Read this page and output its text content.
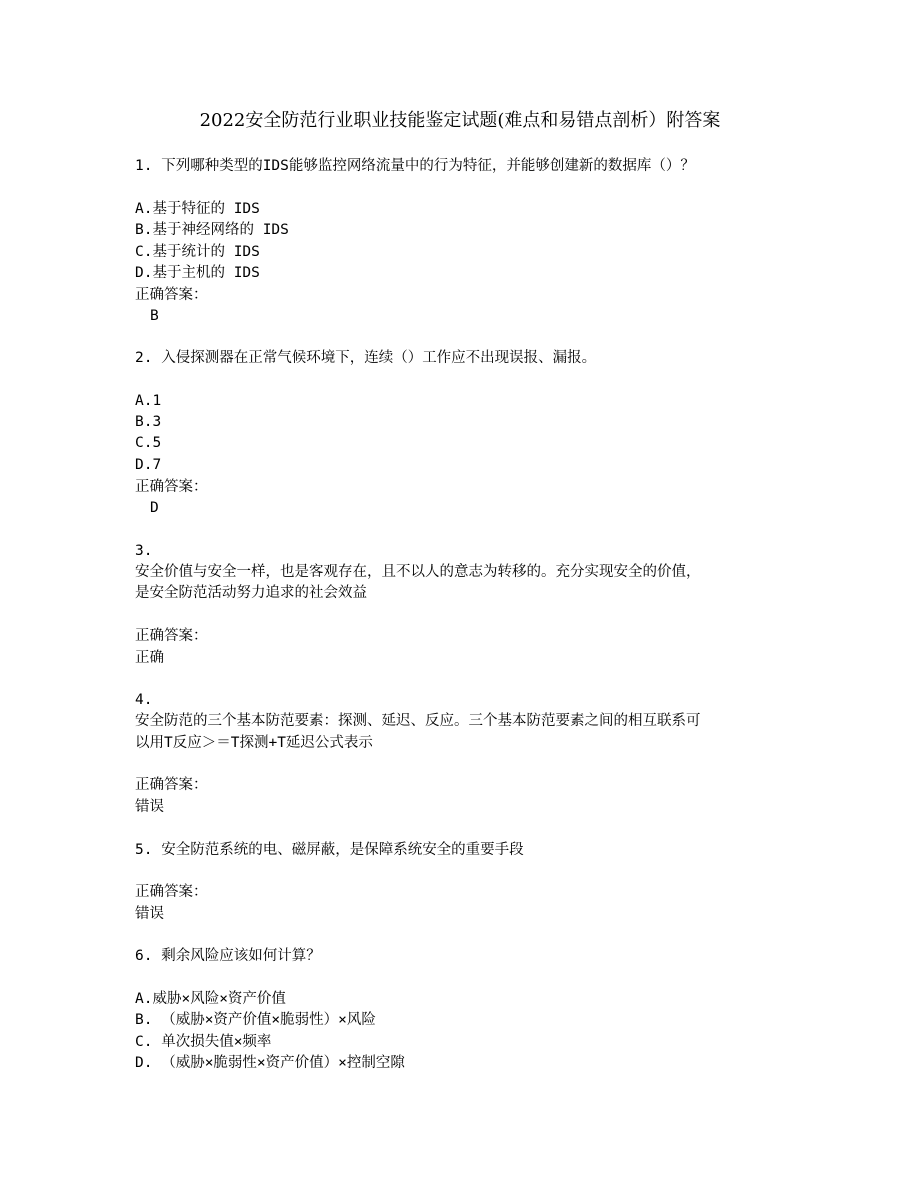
2022安全防范行业职业技能鉴定试题(难点和易错点剖析）附答案
1. 下列哪种类型的IDS能够监控网络流量中的行为特征，并能够创建新的数据库（）？
A.基于特征的 IDS
B.基于神经网络的 IDS
C.基于统计的 IDS
D.基于主机的 IDS
正确答案：
B
2. 入侵探测器在正常气候环境下，连续（）工作应不出现误报、漏报。
A.1
B.3
C.5
D.7
正确答案：
D
3.
安全价值与安全一样，也是客观存在，且不以人的意志为转移的。充分实现安全的价值，
是安全防范活动努力追求的社会效益
正确答案：
正确
4.
安全防范的三个基本防范要素：探测、延迟、反应。三个基本防范要素之间的相互联系可
以用T反应＞＝T探测+T延迟公式表示
正确答案：
错误
5. 安全防范系统的电、磁屏蔽，是保障系统安全的重要手段
正确答案：
错误
6. 剩余风险应该如何计算？
A.威胁×风险×资产价值
B. （威胁×资产价值×脆弱性）×风险
C. 单次损失值×频率
D. （威胁×脆弱性×资产价值）×控制空隙
